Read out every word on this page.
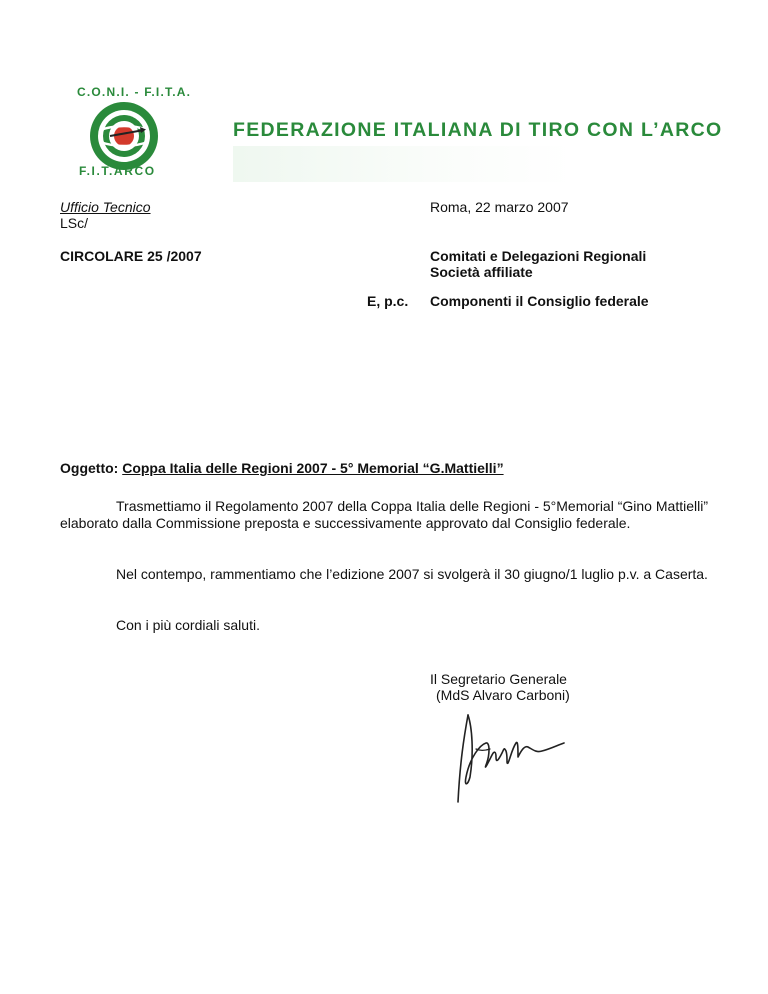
C.O.N.I. - F.I.T.A.
F.I.T.ARCO
FEDERAZIONE ITALIANA DI TIRO CON L’ARCO
Ufficio Tecnico
LSc/
Roma, 22 marzo 2007
CIRCOLARE 25 /2007	Comitati e Delegazioni Regionali
Società affiliate
E, p.c. Componenti il Consiglio federale
Oggetto: Coppa Italia delle Regioni 2007 - 5° Memorial “G.Mattielli”
Trasmettiamo il Regolamento 2007 della Coppa Italia delle Regioni - 5°Memorial “Gino Mattielli” elaborato dalla Commissione preposta e successivamente approvato dal Consiglio federale.
Nel contempo, rammentiamo che l’edizione 2007 si svolgerà il 30 giugno/1 luglio p.v. a Caserta.
Con i più cordiali saluti.
Il Segretario Generale
(MdS Alvaro Carboni)
